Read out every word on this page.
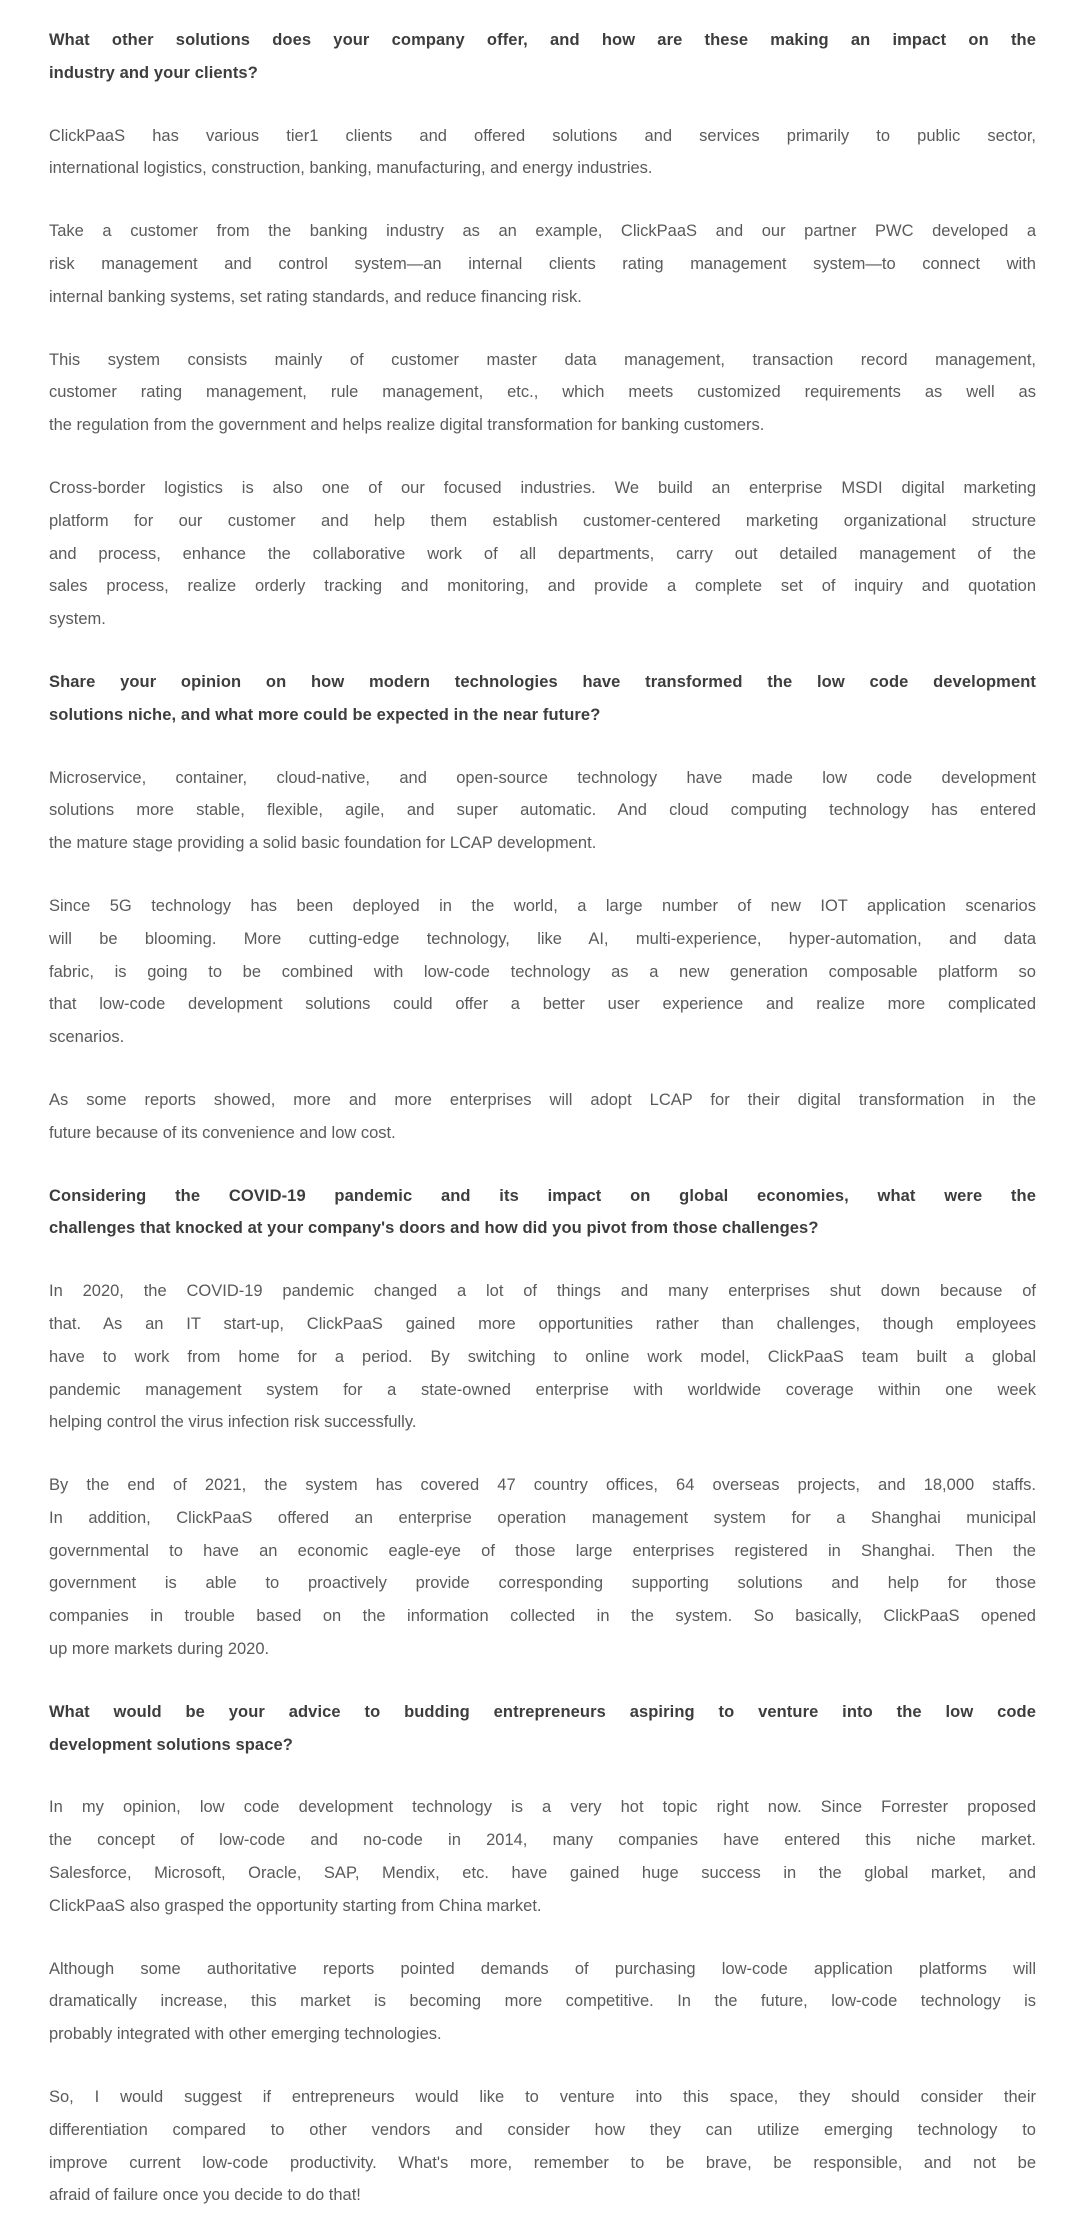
What other solutions does your company offer, and how are these making an impact on the
industry and your clients?

ClickPaaS has various tier1 clients and offered solutions and services primarily to public sector,
international logistics, construction, banking, manufacturing, and energy industries.

Take a customer from the banking industry as an example, ClickPaaS and our partner PWC developed a
risk management and control system—an internal clients rating management system—to connect with
internal banking systems, set rating standards, and reduce financing risk.

This system consists mainly of customer master data management, transaction record management,
customer rating management, rule management, etc., which meets customized requirements as well as
the regulation from the government and helps realize digital transformation for banking customers.

Cross-border logistics is also one of our focused industries. We build an enterprise MSDI digital marketing
platform for our customer and help them establish customer-centered marketing organizational structure
and process, enhance the collaborative work of all departments, carry out detailed management of the
sales process, realize orderly tracking and monitoring, and provide a complete set of inquiry and quotation
system.

Share your opinion on how modern technologies have transformed the low code development
solutions niche, and what more could be expected in the near future?

Microservice, container, cloud-native, and open-source technology have made low code development
solutions more stable, flexible, agile, and super automatic. And cloud computing technology has entered
the mature stage providing a solid basic foundation for LCAP development.

Since 5G technology has been deployed in the world, a large number of new IOT application scenarios
will be blooming. More cutting-edge technology, like AI, multi-experience, hyper-automation, and data
fabric, is going to be combined with low-code technology as a new generation composable platform so
that low-code development solutions could offer a better user experience and realize more complicated
scenarios.

As some reports showed, more and more enterprises will adopt LCAP for their digital transformation in the
future because of its convenience and low cost.

Considering the COVID-19 pandemic and its impact on global economies, what were the
challenges that knocked at your company's doors and how did you pivot from those challenges?

In 2020, the COVID-19 pandemic changed a lot of things and many enterprises shut down because of
that. As an IT start-up, ClickPaaS gained more opportunities rather than challenges, though employees
have to work from home for a period. By switching to online work model, ClickPaaS team built a global
pandemic management system for a state-owned enterprise with worldwide coverage within one week
helping control the virus infection risk successfully.

By the end of 2021, the system has covered 47 country offices, 64 overseas projects, and 18,000 staffs.
In addition, ClickPaaS offered an enterprise operation management system for a Shanghai municipal
governmental to have an economic eagle-eye of those large enterprises registered in Shanghai. Then the
government is able to proactively provide corresponding supporting solutions and help for those
companies in trouble based on the information collected in the system. So basically, ClickPaaS opened
up more markets during 2020.

What would be your advice to budding entrepreneurs aspiring to venture into the low code
development solutions space?

In my opinion, low code development technology is a very hot topic right now. Since Forrester proposed
the concept of low-code and no-code in 2014, many companies have entered this niche market.
Salesforce, Microsoft, Oracle, SAP, Mendix, etc. have gained huge success in the global market, and
ClickPaaS also grasped the opportunity starting from China market.

Although some authoritative reports pointed demands of purchasing low-code application platforms will
dramatically increase, this market is becoming more competitive. In the future, low-code technology is
probably integrated with other emerging technologies.

So, I would suggest if entrepreneurs would like to venture into this space, they should consider their
differentiation compared to other vendors and consider how they can utilize emerging technology to
improve current low-code productivity. What's more, remember to be brave, be responsible, and not be
afraid of failure once you decide to do that!
